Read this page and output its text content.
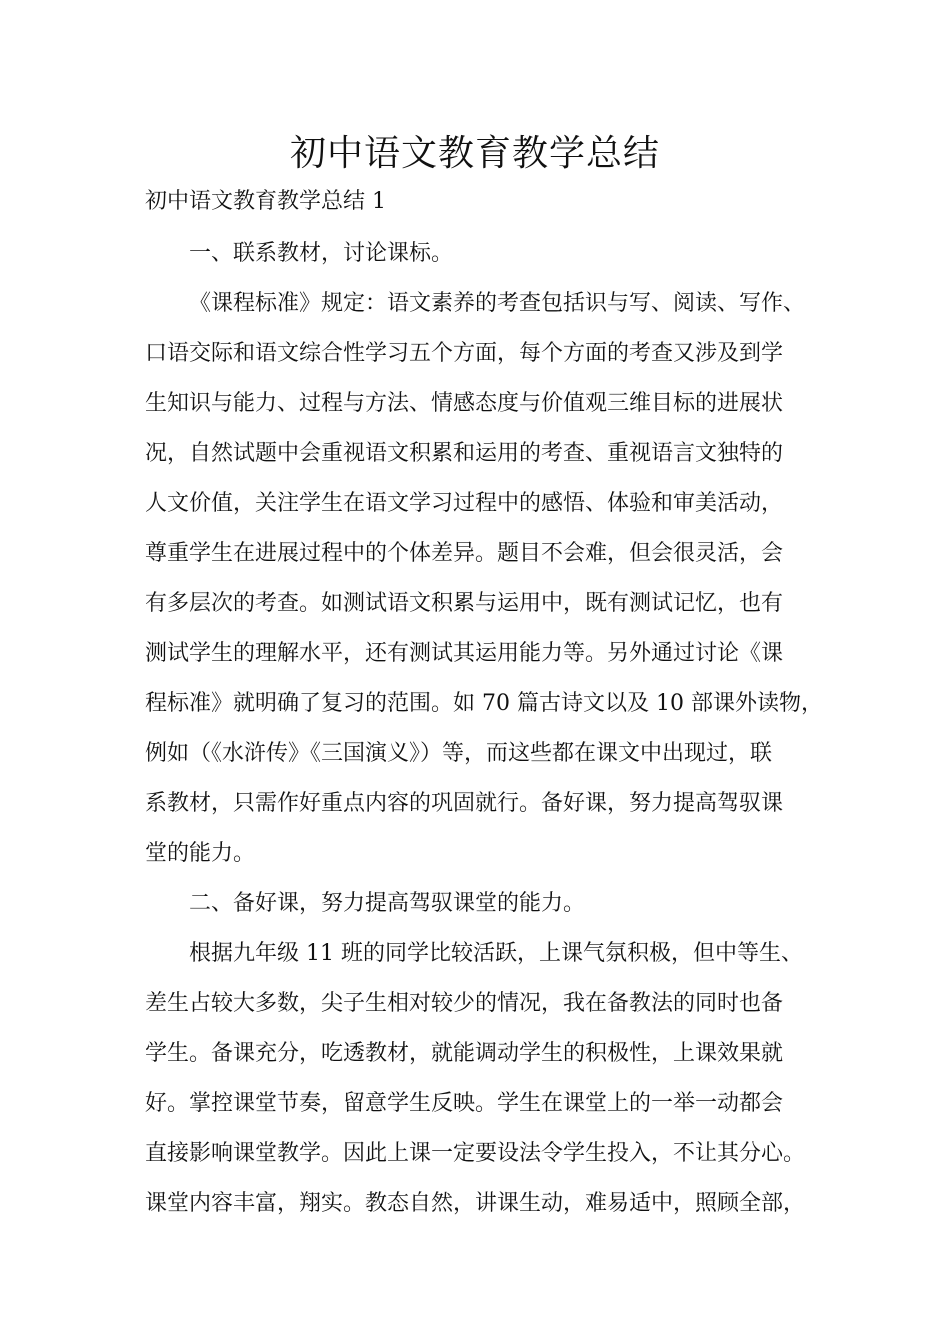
初中语文教育教学总结
初中语文教育教学总结 1
一、联系教材，讨论课标。
《课程标准》规定：语文素养的考查包括识与写、阅读、写作、
口语交际和语文综合性学习五个方面，每个方面的考查又涉及到学
生知识与能力、过程与方法、情感态度与价值观三维目标的进展状
况，自然试题中会重视语文积累和运用的考查、重视语言文独特的
人文价值，关注学生在语文学习过程中的感悟、体验和审美活动，
尊重学生在进展过程中的个体差异。题目不会难，但会很灵活，会
有多层次的考查。如测试语文积累与运用中，既有测试记忆，也有
测试学生的理解水平，还有测试其运用能力等。另外通过讨论《课
程标准》就明确了复习的范围。如 70 篇古诗文以及 10 部课外读物，
例如（《水浒传》《三国演义》）等，而这些都在课文中出现过，联
系教材，只需作好重点内容的巩固就行。备好课，努力提高驾驭课
堂的能力。
二、备好课，努力提高驾驭课堂的能力。
根据九年级 11 班的同学比较活跃，上课气氛积极，但中等生、
差生占较大多数，尖子生相对较少的情况，我在备教法的同时也备
学生。备课充分，吃透教材，就能调动学生的积极性，上课效果就
好。掌控课堂节奏，留意学生反映。学生在课堂上的一举一动都会
直接影响课堂教学。因此上课一定要设法令学生投入，不让其分心。
课堂内容丰富，翔实。教态自然，讲课生动，难易适中，照顾全部，
